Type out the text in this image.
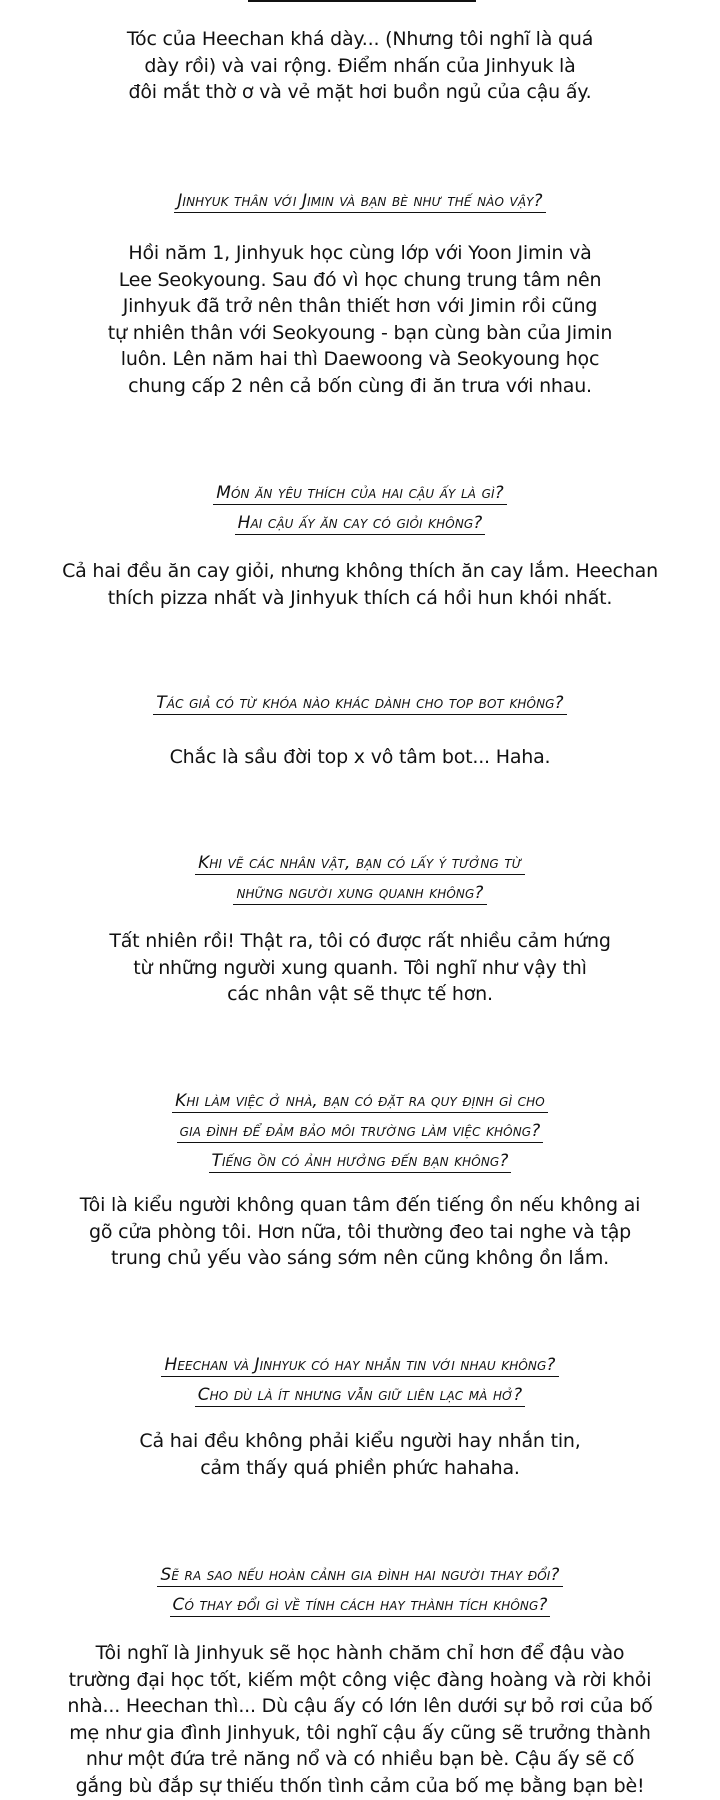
Tóc của Heechan khá dày... (Nhưng tôi nghĩ là quá
dày rồi) và vai rộng. Điểm nhấn của Jinhyuk là
đôi mắt thờ ơ và vẻ mặt hơi buồn ngủ của cậu ấy.

Jinhyuk thân với Jimin và bạn bè như thế nào vậy?

Hồi năm 1, Jinhyuk học cùng lớp với Yoon Jimin và
Lee Seokyoung. Sau đó vì học chung trung tâm nên
Jinhyuk đã trở nên thân thiết hơn với Jimin rồi cũng
tự nhiên thân với Seokyoung - bạn cùng bàn của Jimin
luôn. Lên năm hai thì Daewoong và Seokyoung học
chung cấp 2 nên cả bốn cùng đi ăn trưa với nhau.

Món ăn yêu thích của hai cậu ấy là gì?
Hai cậu ấy ăn cay có giỏi không?

Cả hai đều ăn cay giỏi, nhưng không thích ăn cay lắm. Heechan
thích pizza nhất và Jinhyuk thích cá hồi hun khói nhất.

Tác giả có từ khóa nào khác dành cho top bot không?

Chắc là sầu đời top x vô tâm bot... Haha.

Khi vẽ các nhân vật, bạn có lấy ý tưởng từ
những người xung quanh không?

Tất nhiên rồi! Thật ra, tôi có được rất nhiều cảm hứng
từ những người xung quanh. Tôi nghĩ như vậy thì
các nhân vật sẽ thực tế hơn.

Khi làm việc ở nhà, bạn có đặt ra quy định gì cho
gia đình để đảm bảo môi trường làm việc không?
Tiếng ồn có ảnh hưởng đến bạn không?

Tôi là kiểu người không quan tâm đến tiếng ồn nếu không ai
gõ cửa phòng tôi. Hơn nữa, tôi thường đeo tai nghe và tập
trung chủ yếu vào sáng sớm nên cũng không ồn lắm.

Heechan và Jinhyuk có hay nhắn tin với nhau không?
Cho dù là ít nhưng vẫn giữ liên lạc mà hở?

Cả hai đều không phải kiểu người hay nhắn tin,
cảm thấy quá phiền phức hahaha.

Sẽ ra sao nếu hoàn cảnh gia đình hai người thay đổi?
Có thay đổi gì về tính cách hay thành tích không?

Tôi nghĩ là Jinhyuk sẽ học hành chăm chỉ hơn để đậu vào
trường đại học tốt, kiếm một công việc đàng hoàng và rời khỏi
nhà... Heechan thì... Dù cậu ấy có lớn lên dưới sự bỏ rơi của bố
mẹ như gia đình Jinhyuk, tôi nghĩ cậu ấy cũng sẽ trưởng thành
như một đứa trẻ năng nổ và có nhiều bạn bè. Cậu ấy sẽ cố
gắng bù đắp sự thiếu thốn tình cảm của bố mẹ bằng bạn bè!
